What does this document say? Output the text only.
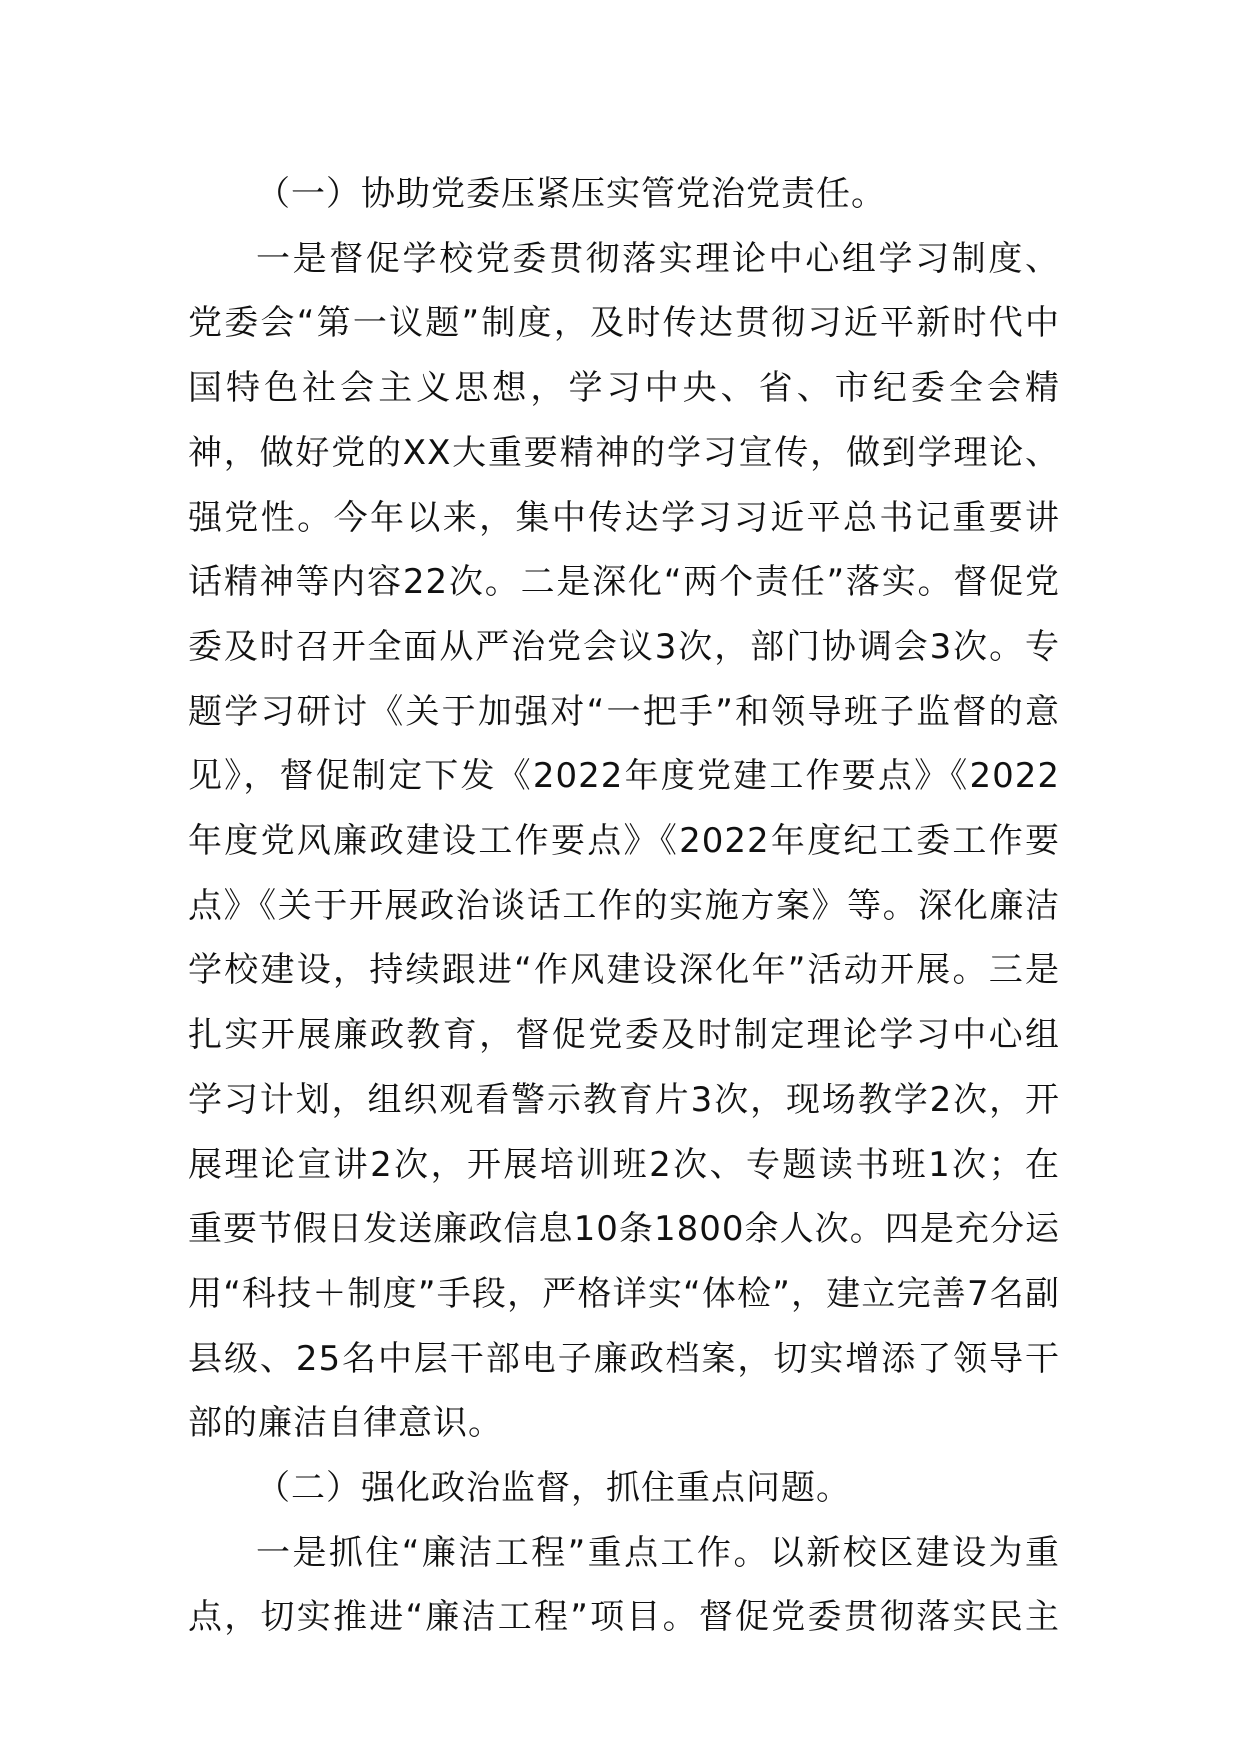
（一）协助党委压紧压实管党治党责任。

一是督促学校党委贯彻落实理论中心组学习制度、党委会“第一议题”制度，及时传达贯彻习近平新时代中国特色社会主义思想，学习中央、省、市纪委全会精神，做好党的XX大重要精神的学习宣传，做到学理论、强党性。今年以来，集中传达学习习近平总书记重要讲话精神等内容22次。二是深化“两个责任”落实。督促党委及时召开全面从严治党会议3次，部门协调会3次。专题学习研讨《关于加强对“一把手”和领导班子监督的意见》，督促制定下发《2022年度党建工作要点》《2022年度党风廉政建设工作要点》《2022年度纪工委工作要点》《关于开展政治谈话工作的实施方案》等。深化廉洁学校建设，持续跟进“作风建设深化年”活动开展。三是扎实开展廉政教育，督促党委及时制定理论学习中心组学习计划，组织观看警示教育片3次，现场教学2次，开展理论宣讲2次，开展培训班2次、专题读书班1次；在重要节假日发送廉政信息10条1800余人次。四是充分运用“科技＋制度”手段，严格详实“体检”，建立完善7名副县级、25名中层干部电子廉政档案，切实增添了领导干部的廉洁自律意识。

（二）强化政治监督，抓住重点问题。

一是抓住“廉洁工程”重点工作。以新校区建设为重点，切实推进“廉洁工程”项目。督促党委贯彻落实民主
